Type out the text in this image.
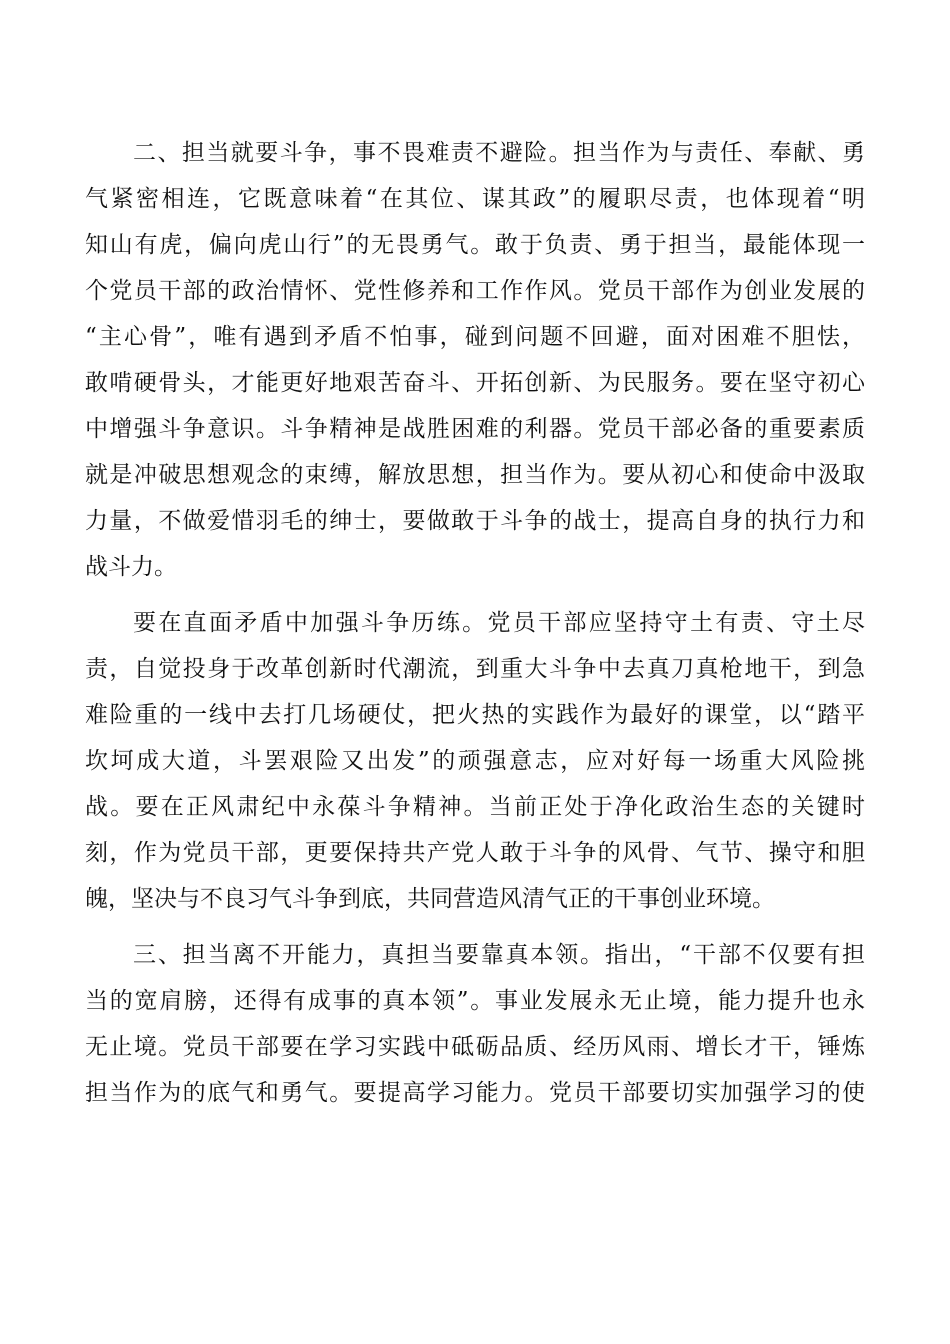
二、担当就要斗争，事不畏难责不避险。担当作为与责任、奉献、勇
气紧密相连，它既意味着“在其位、谋其政”的履职尽责，也体现着“明
知山有虎，偏向虎山行”的无畏勇气。敢于负责、勇于担当，最能体现一
个党员干部的政治情怀、党性修养和工作作风。党员干部作为创业发展的
“主心骨”，唯有遇到矛盾不怕事，碰到问题不回避，面对困难不胆怯，
敢啃硬骨头，才能更好地艰苦奋斗、开拓创新、为民服务。要在坚守初心
中增强斗争意识。斗争精神是战胜困难的利器。党员干部必备的重要素质
就是冲破思想观念的束缚，解放思想，担当作为。要从初心和使命中汲取
力量，不做爱惜羽毛的绅士，要做敢于斗争的战士，提高自身的执行力和
战斗力。
要在直面矛盾中加强斗争历练。党员干部应坚持守土有责、守土尽
责，自觉投身于改革创新时代潮流，到重大斗争中去真刀真枪地干，到急
难险重的一线中去打几场硬仗，把火热的实践作为最好的课堂，以“踏平
坎坷成大道，斗罢艰险又出发”的顽强意志，应对好每一场重大风险挑
战。要在正风肃纪中永葆斗争精神。当前正处于净化政治生态的关键时
刻，作为党员干部，更要保持共产党人敢于斗争的风骨、气节、操守和胆
魄，坚决与不良习气斗争到底，共同营造风清气正的干事创业环境。
三、担当离不开能力，真担当要靠真本领。指出，“干部不仅要有担
当的宽肩膀，还得有成事的真本领”。事业发展永无止境，能力提升也永
无止境。党员干部要在学习实践中砥砺品质、经历风雨、增长才干，锤炼
担当作为的底气和勇气。要提高学习能力。党员干部要切实加强学习的使
